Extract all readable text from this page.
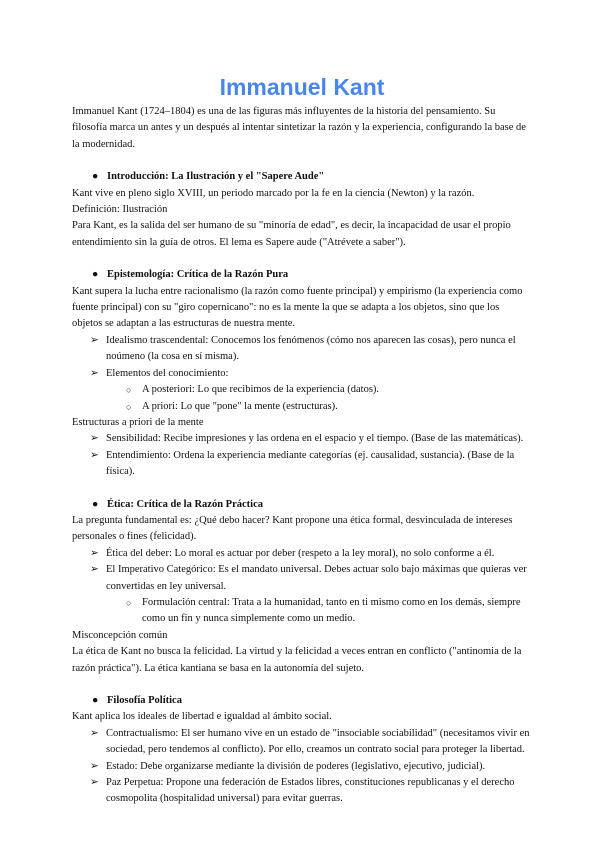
Immanuel Kant

Immanuel Kant (1724–1804) es una de las figuras más influyentes de la historia del pensamiento. Su filosofía marca un antes y un después al intentar sintetizar la razón y la experiencia, configurando la base de la modernidad.

● Introducción: La Ilustración y el "Sapere Aude"

Kant vive en pleno siglo XVIII, un periodo marcado por la fe en la ciencia (Newton) y la razón.

Definición: Ilustración

Para Kant, es la salida del ser humano de su "minoría de edad", es decir, la incapacidad de usar el propio entendimiento sin la guía de otros. El lema es Sapere aude ("Atrévete a saber").

● Epistemología: Crítica de la Razón Pura

Kant supera la lucha entre racionalismo (la razón como fuente principal) y empirismo (la experiencia como fuente principal) con su "giro copernicano": no es la mente la que se adapta a los objetos, sino que los objetos se adaptan a las estructuras de nuestra mente.

➢ Idealismo trascendental: Conocemos los fenómenos (cómo nos aparecen las cosas), pero nunca el noúmeno (la cosa en sí misma).
➢ Elementos del conocimiento:
○	A posteriori: Lo que recibimos de la experiencia (datos).
○	A priori: Lo que "pone" la mente (estructuras).

Estructuras a priori de la mente

➢ Sensibilidad: Recibe impresiones y las ordena en el espacio y el tiempo. (Base de las matemáticas).
➢ Entendimiento: Ordena la experiencia mediante categorías (ej. causalidad, sustancia). (Base de la física).
● Ética: Crítica de la Razón Práctica

La pregunta fundamental es: ¿Qué debo hacer? Kant propone una ética formal, desvinculada de intereses personales o fines (felicidad).

➢ Ética del deber: Lo moral es actuar por deber (respeto a la ley moral), no solo conforme a él.
➢ El Imperativo Categórico: Es el mandato universal. Debes actuar solo bajo máximas que quieras ver convertidas en ley universal.
○	Formulación central: Trata a la humanidad, tanto en ti mismo como en los demás, siempre como un fin y nunca simplemente como un medio.

Misconcepción común

La ética de Kant no busca la felicidad. La virtud y la felicidad a veces entran en conflicto ("antinomia de la razón práctica"). La ética kantiana se basa en la autonomía del sujeto.

● Filosofía Política

Kant aplica los ideales de libertad e igualdad al ámbito social.

➢ Contractualismo: El ser humano vive en un estado de "insociable sociabilidad" (necesitamos vivir en sociedad, pero tendemos al conflicto). Por ello, creamos un contrato social para proteger la libertad.
➢ Estado: Debe organizarse mediante la división de poderes (legislativo, ejecutivo, judicial).
➢ Paz Perpetua: Propone una federación de Estados libres, constituciones republicanas y el derecho cosmopolita (hospitalidad universal) para evitar guerras.
